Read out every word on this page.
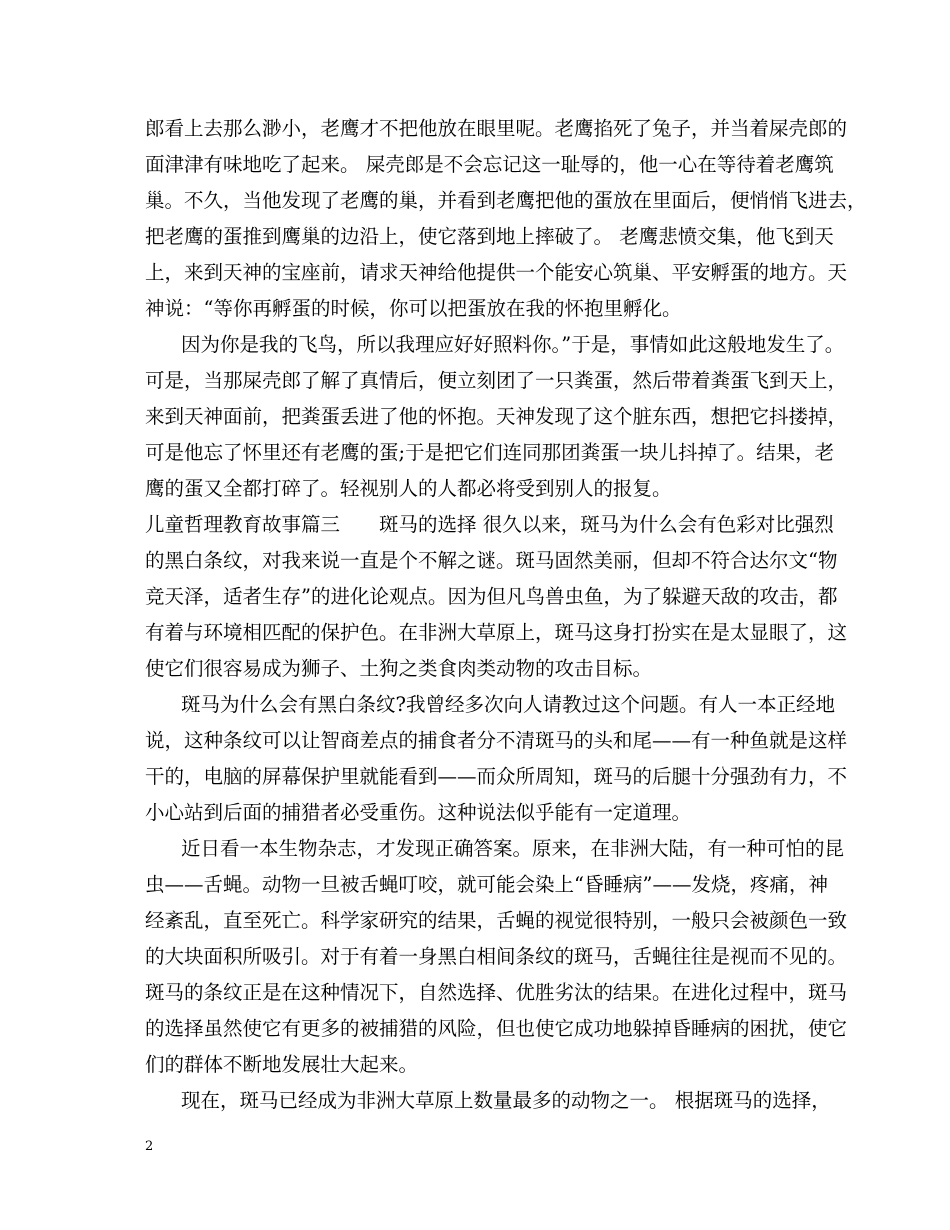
郎看上去那么渺小，老鹰才不把他放在眼里呢。老鹰掐死了兔子，并当着屎壳郎的
面津津有味地吃了起来。 屎壳郎是不会忘记这一耻辱的，他一心在等待着老鹰筑
巢。不久，当他发现了老鹰的巢，并看到老鹰把他的蛋放在里面后，便悄悄飞进去，
把老鹰的蛋推到鹰巢的边沿上，使它落到地上摔破了。 老鹰悲愤交集，他飞到天
上，来到天神的宝座前，请求天神给他提供一个能安心筑巢、平安孵蛋的地方。天
神说：“等你再孵蛋的时候，你可以把蛋放在我的怀抱里孵化。
因为你是我的飞鸟，所以我理应好好照料你。”于是，事情如此这般地发生了。
可是，当那屎壳郎了解了真情后，便立刻团了一只粪蛋，然后带着粪蛋飞到天上，
来到天神面前，把粪蛋丢进了他的怀抱。天神发现了这个脏东西，想把它抖搂掉，
可是他忘了怀里还有老鹰的蛋;于是把它们连同那团粪蛋一块儿抖掉了。结果，老
鹰的蛋又全都打碎了。轻视别人的人都必将受到别人的报复。
儿童哲理教育故事篇三　　斑马的选择 很久以来，斑马为什么会有色彩对比强烈
的黑白条纹，对我来说一直是个不解之谜。斑马固然美丽，但却不符合达尔文“物
竞天泽，适者生存”的进化论观点。因为但凡鸟兽虫鱼，为了躲避天敌的攻击，都
有着与环境相匹配的保护色。在非洲大草原上，斑马这身打扮实在是太显眼了，这
使它们很容易成为狮子、土狗之类食肉类动物的攻击目标。
斑马为什么会有黑白条纹?我曾经多次向人请教过这个问题。有人一本正经地
说，这种条纹可以让智商差点的捕食者分不清斑马的头和尾——有一种鱼就是这样
干的，电脑的屏幕保护里就能看到——而众所周知，斑马的后腿十分强劲有力，不
小心站到后面的捕猎者必受重伤。这种说法似乎能有一定道理。
近日看一本生物杂志，才发现正确答案。原来，在非洲大陆，有一种可怕的昆
虫——舌蝇。动物一旦被舌蝇叮咬，就可能会染上“昏睡病”——发烧，疼痛，神
经紊乱，直至死亡。科学家研究的结果，舌蝇的视觉很特别，一般只会被颜色一致
的大块面积所吸引。对于有着一身黑白相间条纹的斑马，舌蝇往往是视而不见的。
斑马的条纹正是在这种情况下，自然选择、优胜劣汰的结果。在进化过程中，斑马
的选择虽然使它有更多的被捕猎的风险，但也使它成功地躲掉昏睡病的困扰，使它
们的群体不断地发展壮大起来。
现在，斑马已经成为非洲大草原上数量最多的动物之一。 根据斑马的选择，
2
